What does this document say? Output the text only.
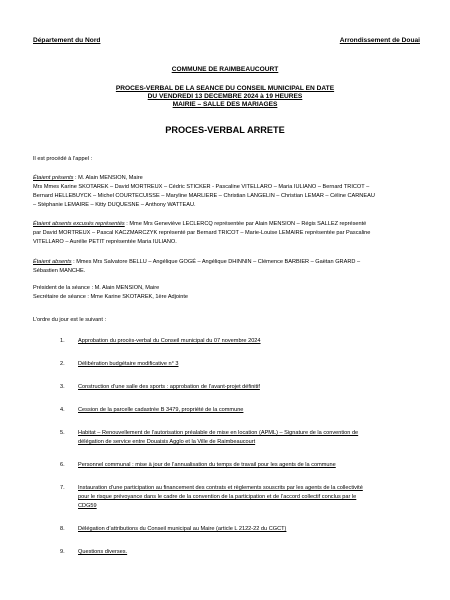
Département du Nord	Arrondissement de Douai
COMMUNE DE RAIMBEAUCOURT
PROCES-VERBAL DE LA SEANCE DU CONSEIL MUNICIPAL EN DATE
DU VENDREDI 13 DECEMBRE 2024 à 19 HEURES
MAIRIE – SALLE DES MARIAGES
PROCES-VERBAL ARRETE
Il est procédé à l’appel :

Étaient présents : M. Alain MENSION, Maire

Mrs Mmes Karine SKOTAREK – David MORTREUX – Cédric STICKER - Pascaline VITELLARO – Maria IULIANO – Bernard TRICOT –

Bernard HELLEBUYCK – Michel COURTECUISSE – Maryline MARLIERE – Christian LANGELIN – Christian LEMAR – Céline CARNEAU

– Stéphanie LEMAIRE – Kitty DUQUESNE – Anthony WATTEAU.

Étaient absents excusés représentés : Mme Mrs Geneviève LECLERCQ représentée par Alain MENSION – Régis SALLEZ représenté

par David MORTREUX – Pascal KACZMARCZYK représenté par Bernard TRICOT – Marie-Louise LEMAIRE représentée par Pascaline

VITELLARO – Aurélie PETIT représentée Maria IULIANO.

Étaient absents : Mmes Mrs Salvatore BELLU – Angélique GOGÉ – Angélique DHINNIN – Clémence BARBIER – Gaëtan GRARD –

Sébastien MANCHE.

Président de la séance : M. Alain MENSION, Maire

Secrétaire de séance : Mme Karine SKOTAREK, 1ère Adjointe

L’ordre du jour est le suivant :
1. Approbation du procès-verbal du Conseil municipal du 07 novembre 2024
2. Délibération budgétaire modificative n° 3
3. Construction d’une salle des sports : approbation de l’avant-projet définitif
4. Cession de la parcelle cadastrée B 3479, propriété de la commune
5. Habitat – Renouvellement de l’autorisation préalable de mise en location (APML) – Signature de la convention de
délégation de service entre Douaisis Agglo et la Ville de Raimbeaucourt
6. Personnel communal : mise à jour de l’annualisation du temps de travail pour les agents de la commune
7. Instauration d’une participation au financement des contrats et règlements souscrits par les agents de la collectivité
pour le risque prévoyance dans le cadre de la convention de la participation et de l’accord collectif conclus par le
CDG59
8. Délégation d’attributions du Conseil municipal au Maire (article L 2122-22 du CGCT)
9. Questions diverses.
